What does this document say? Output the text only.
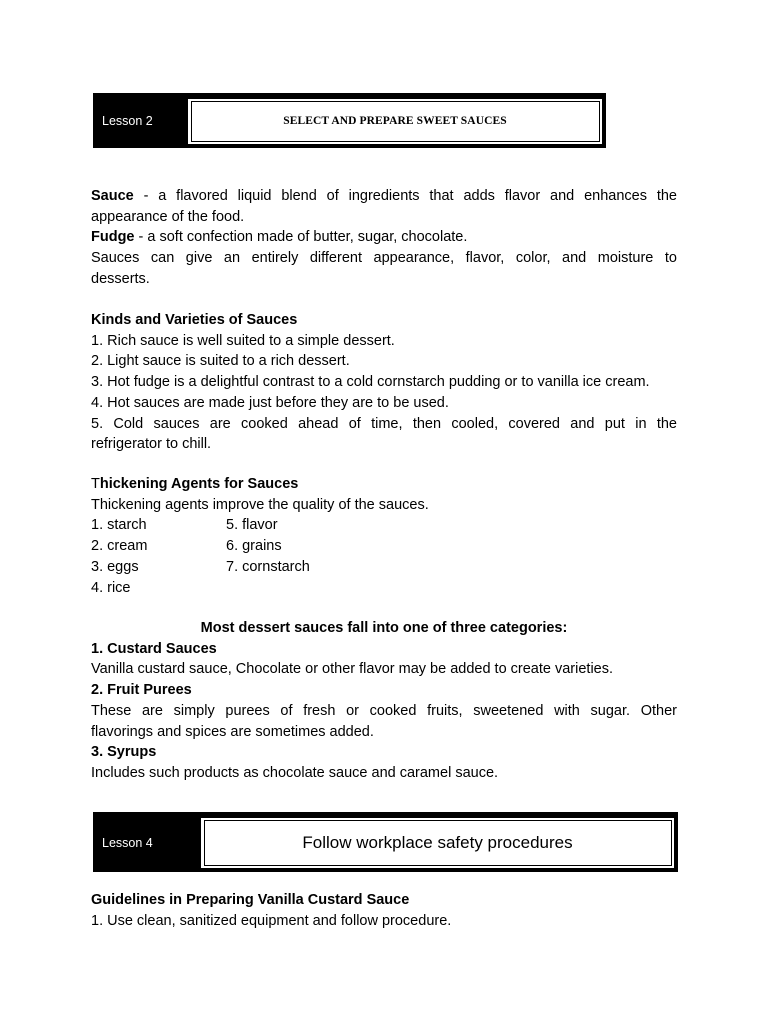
Lesson 2	SELECT AND PREPARE SWEET SAUCES

Sauce - a flavored liquid blend of ingredients that adds flavor and enhances the

appearance of the food.

Fudge - a soft confection made of butter, sugar, chocolate.

Sauces can give an entirely different appearance, flavor, color, and moisture to

desserts.

Kinds and Varieties of Sauces

1. Rich sauce is well suited to a simple dessert.

2. Light sauce is suited to a rich dessert.

3. Hot fudge is a delightful contrast to a cold cornstarch pudding or to vanilla ice cream.

4. Hot sauces are made just before they are to be used.

5. Cold sauces are cooked ahead of time, then cooled, covered and put in the

refrigerator to chill.

Thickening Agents for Sauces

Thickening agents improve the quality of the sauces.

1. starch	5. flavor
2. cream	6. grains
3. eggs	7. cornstarch
4. rice

Most dessert sauces fall into one of three categories:

1. Custard Sauces

Vanilla custard sauce, Chocolate or other flavor may be added to create varieties.

2. Fruit Purees

These are simply purees of fresh or cooked fruits, sweetened with sugar. Other

flavorings and spices are sometimes added.

3. Syrups

Includes such products as chocolate sauce and caramel sauce.

Lesson 4	Follow workplace safety procedures

Guidelines in Preparing Vanilla Custard Sauce

1. Use clean, sanitized equipment and follow procedure.
